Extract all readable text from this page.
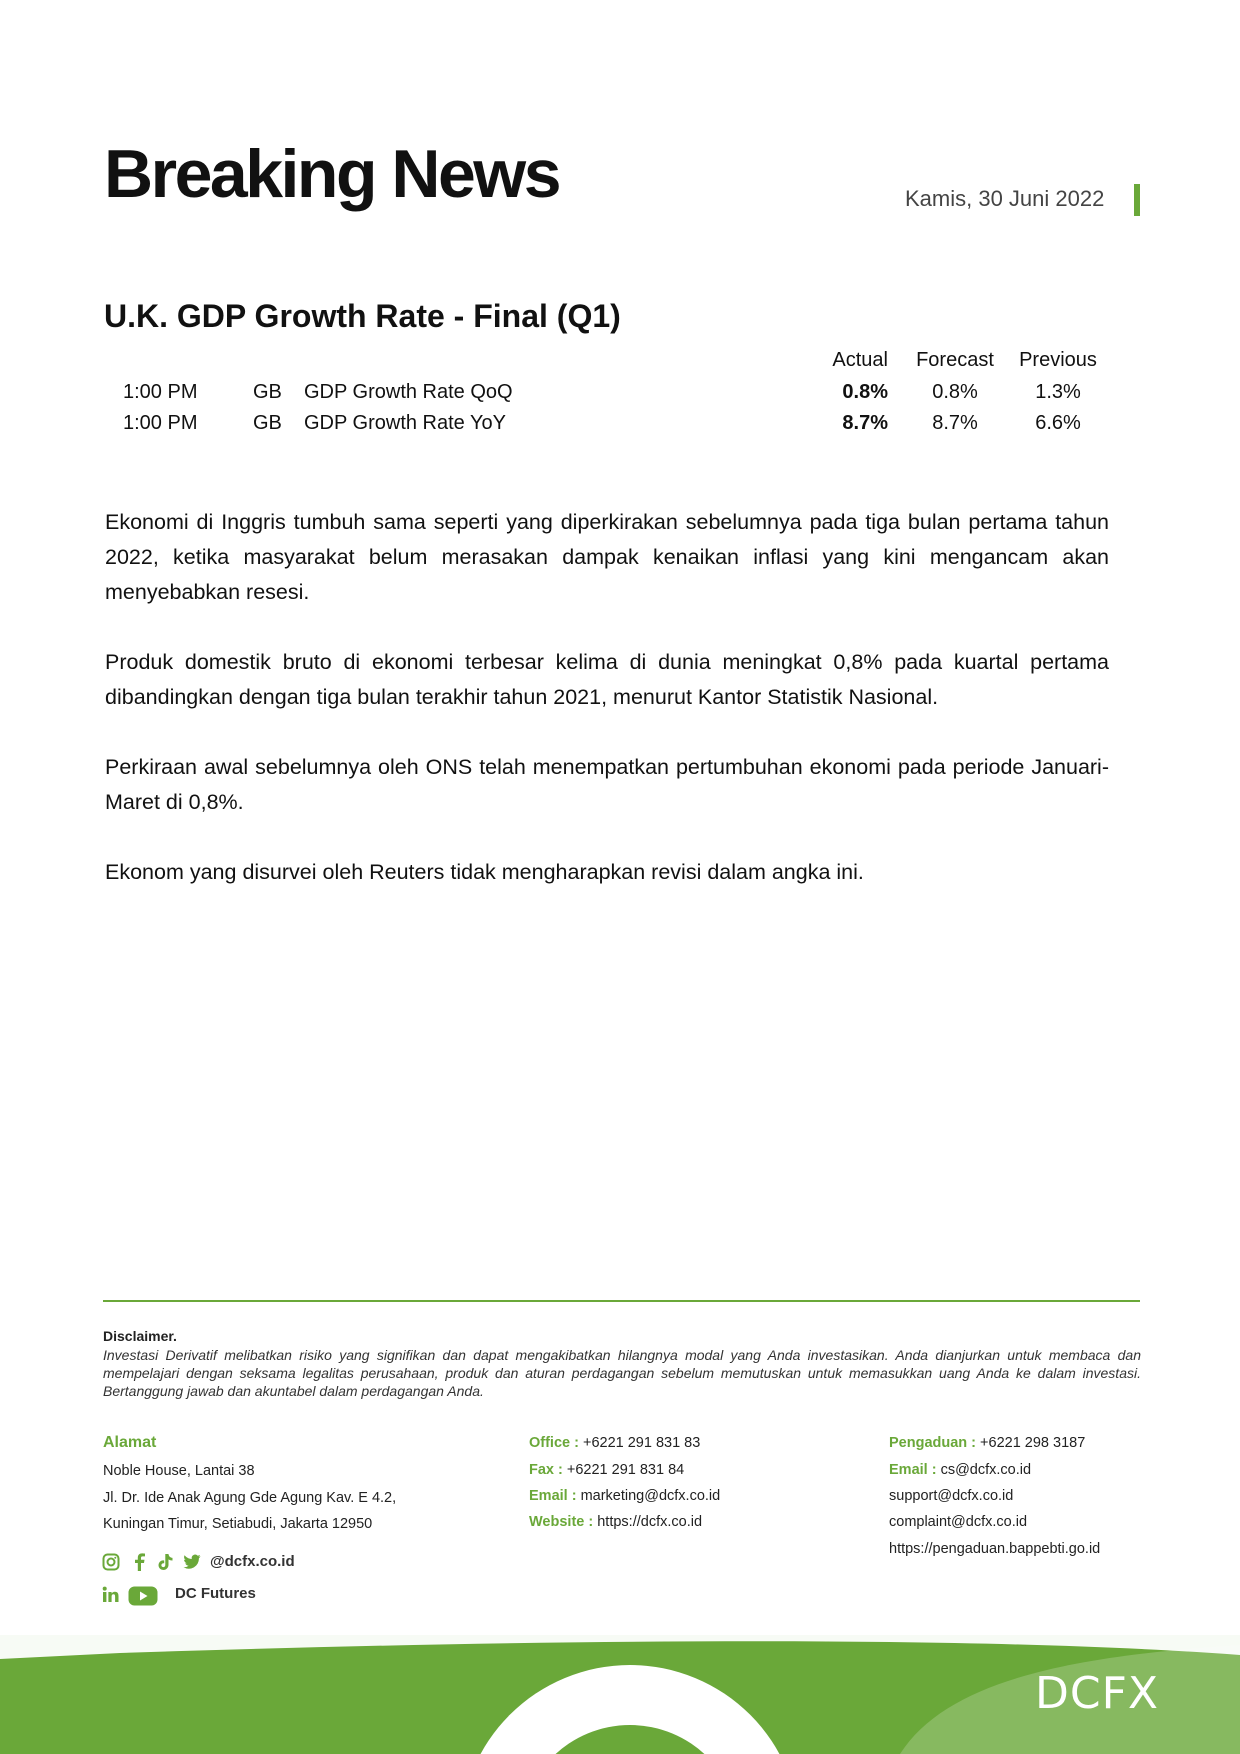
Breaking News	Kamis, 30 Juni 2022
U.K. GDP Growth Rate - Final (Q1)
Actual	Forecast	Previous
1:00 PM	GB GDP Growth Rate QoQ	0.8%	0.8%	1.3%
1:00 PM	GB GDP Growth Rate YoY	8.7%	8.7%	6.6%
Ekonomi di Inggris tumbuh sama seperti yang diperkirakan sebelumnya pada tiga bulan pertama tahun 2022, ketika masyarakat belum merasakan dampak kenaikan inflasi yang kini mengancam akan menyebabkan resesi.
Produk domestik bruto di ekonomi terbesar kelima di dunia meningkat 0,8% pada kuartal pertama dibandingkan dengan tiga bulan terakhir tahun 2021, menurut Kantor Statistik Nasional.
Perkiraan awal sebelumnya oleh ONS telah menempatkan pertumbuhan ekonomi pada periode Januari-Maret di 0,8%.
Ekonom yang disurvei oleh Reuters tidak mengharapkan revisi dalam angka ini.
Disclaimer.
Investasi Derivatif melibatkan risiko yang signifikan dan dapat mengakibatkan hilangnya modal yang Anda investasikan. Anda dianjurkan untuk membaca dan mempelajari dengan seksama legalitas perusahaan, produk dan aturan perdagangan sebelum memutuskan untuk memasukkan uang Anda ke dalam investasi. Bertanggung jawab dan akuntabel dalam perdagangan Anda.
Alamat
Noble House, Lantai 38
Jl. Dr. Ide Anak Agung Gde Agung Kav. E 4.2,
Kuningan Timur, Setiabudi, Jakarta 12950
Office : +6221 291 831 83
Fax : +6221 291 831 84
Email : marketing@dcfx.co.id
Website : https://dcfx.co.id
Pengaduan : +6221 298 3187
Email : cs@dcfx.co.id
support@dcfx.co.id
complaint@dcfx.co.id
https://pengaduan.bappebti.go.id
@dcfx.co.id
DC Futures
DCFX
